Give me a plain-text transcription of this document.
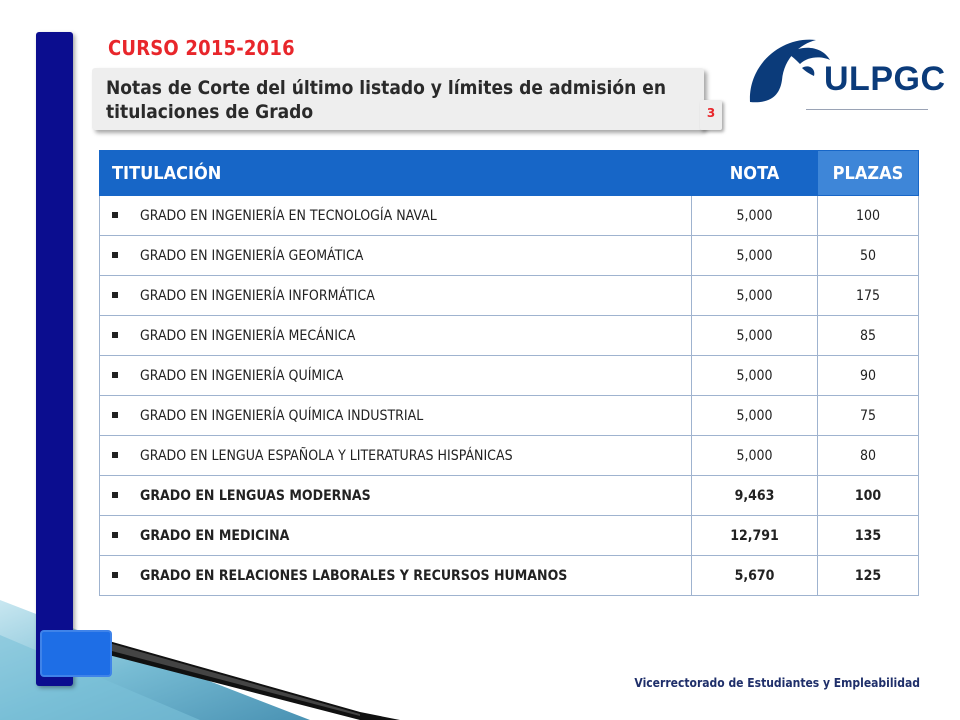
CURSO 2015-2016
Notas de Corte del último listado y límites de admisión en titulaciones de Grado	3
ULPGC
TITULACIÓN	NOTA	PLAZAS
GRADO EN INGENIERÍA EN TECNOLOGÍA NAVAL	5,000	100
GRADO EN INGENIERÍA GEOMÁTICA	5,000	50
GRADO EN INGENIERÍA INFORMÁTICA	5,000	175
GRADO EN INGENIERÍA MECÁNICA	5,000	85
GRADO EN INGENIERÍA QUÍMICA	5,000	90
GRADO EN INGENIERÍA QUÍMICA INDUSTRIAL	5,000	75
GRADO EN LENGUA ESPAÑOLA Y LITERATURAS HISPÁNICAS	5,000	80
GRADO EN LENGUAS MODERNAS	9,463	100
GRADO EN MEDICINA	12,791	135
GRADO EN RELACIONES LABORALES Y RECURSOS HUMANOS	5,670	125
Vicerrectorado de Estudiantes y Empleabilidad
